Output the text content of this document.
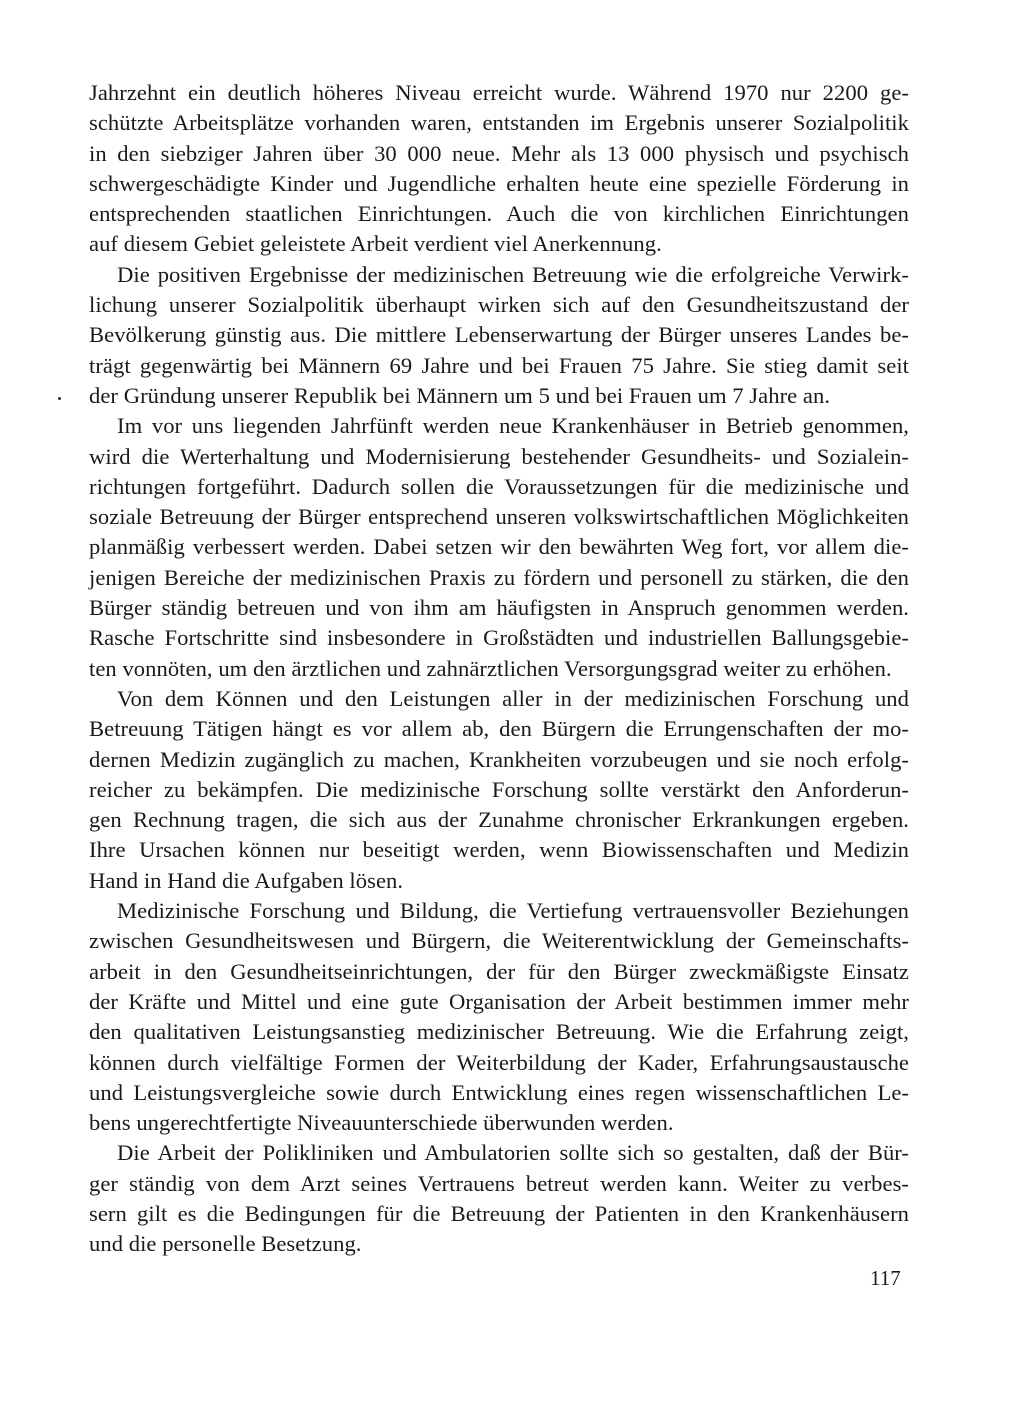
Jahrzehnt ein deutlich höheres Niveau erreicht wurde. Während 1970 nur 2200 ge-
schützte Arbeitsplätze vorhanden waren, entstanden im Ergebnis unserer Sozialpolitik
in den siebziger Jahren über 30 000 neue. Mehr als 13 000 physisch und psychisch
schwergeschädigte Kinder und Jugendliche erhalten heute eine spezielle Förderung in
entsprechenden staatlichen Einrichtungen. Auch die von kirchlichen Einrichtungen
auf diesem Gebiet geleistete Arbeit verdient viel Anerkennung.
Die positiven Ergebnisse der medizinischen Betreuung wie die erfolgreiche Verwirk-
lichung unserer Sozialpolitik überhaupt wirken sich auf den Gesundheitszustand der
Bevölkerung günstig aus. Die mittlere Lebenserwartung der Bürger unseres Landes be-
trägt gegenwärtig bei Männern 69 Jahre und bei Frauen 75 Jahre. Sie stieg damit seit
der Gründung unserer Republik bei Männern um 5 und bei Frauen um 7 Jahre an.
Im vor uns liegenden Jahrfünft werden neue Krankenhäuser in Betrieb genommen,
wird die Werterhaltung und Modernisierung bestehender Gesundheits- und Sozialein-
richtungen fortgeführt. Dadurch sollen die Voraussetzungen für die medizinische und
soziale Betreuung der Bürger entsprechend unseren volkswirtschaftlichen Möglichkeiten
planmäßig verbessert werden. Dabei setzen wir den bewährten Weg fort, vor allem die-
jenigen Bereiche der medizinischen Praxis zu fördern und personell zu stärken, die den
Bürger ständig betreuen und von ihm am häufigsten in Anspruch genommen werden.
Rasche Fortschritte sind insbesondere in Großstädten und industriellen Ballungsgebie-
ten vonnöten, um den ärztlichen und zahnärztlichen Versorgungsgrad weiter zu erhöhen.
Von dem Können und den Leistungen aller in der medizinischen Forschung und
Betreuung Tätigen hängt es vor allem ab, den Bürgern die Errungenschaften der mo-
dernen Medizin zugänglich zu machen, Krankheiten vorzubeugen und sie noch erfolg-
reicher zu bekämpfen. Die medizinische Forschung sollte verstärkt den Anforderun-
gen Rechnung tragen, die sich aus der Zunahme chronischer Erkrankungen ergeben.
Ihre Ursachen können nur beseitigt werden, wenn Biowissenschaften und Medizin
Hand in Hand die Aufgaben lösen.
Medizinische Forschung und Bildung, die Vertiefung vertrauensvoller Beziehungen
zwischen Gesundheitswesen und Bürgern, die Weiterentwicklung der Gemeinschafts-
arbeit in den Gesundheitseinrichtungen, der für den Bürger zweckmäßigste Einsatz
der Kräfte und Mittel und eine gute Organisation der Arbeit bestimmen immer mehr
den qualitativen Leistungsanstieg medizinischer Betreuung. Wie die Erfahrung zeigt,
können durch vielfältige Formen der Weiterbildung der Kader, Erfahrungsaustausche
und Leistungsvergleiche sowie durch Entwicklung eines regen wissenschaftlichen Le-
bens ungerechtfertigte Niveauunterschiede überwunden werden.
Die Arbeit der Polikliniken und Ambulatorien sollte sich so gestalten, daß der Bür-
ger ständig von dem Arzt seines Vertrauens betreut werden kann. Weiter zu verbes-
sern gilt es die Bedingungen für die Betreuung der Patienten in den Krankenhäusern
und die personelle Besetzung.
117
